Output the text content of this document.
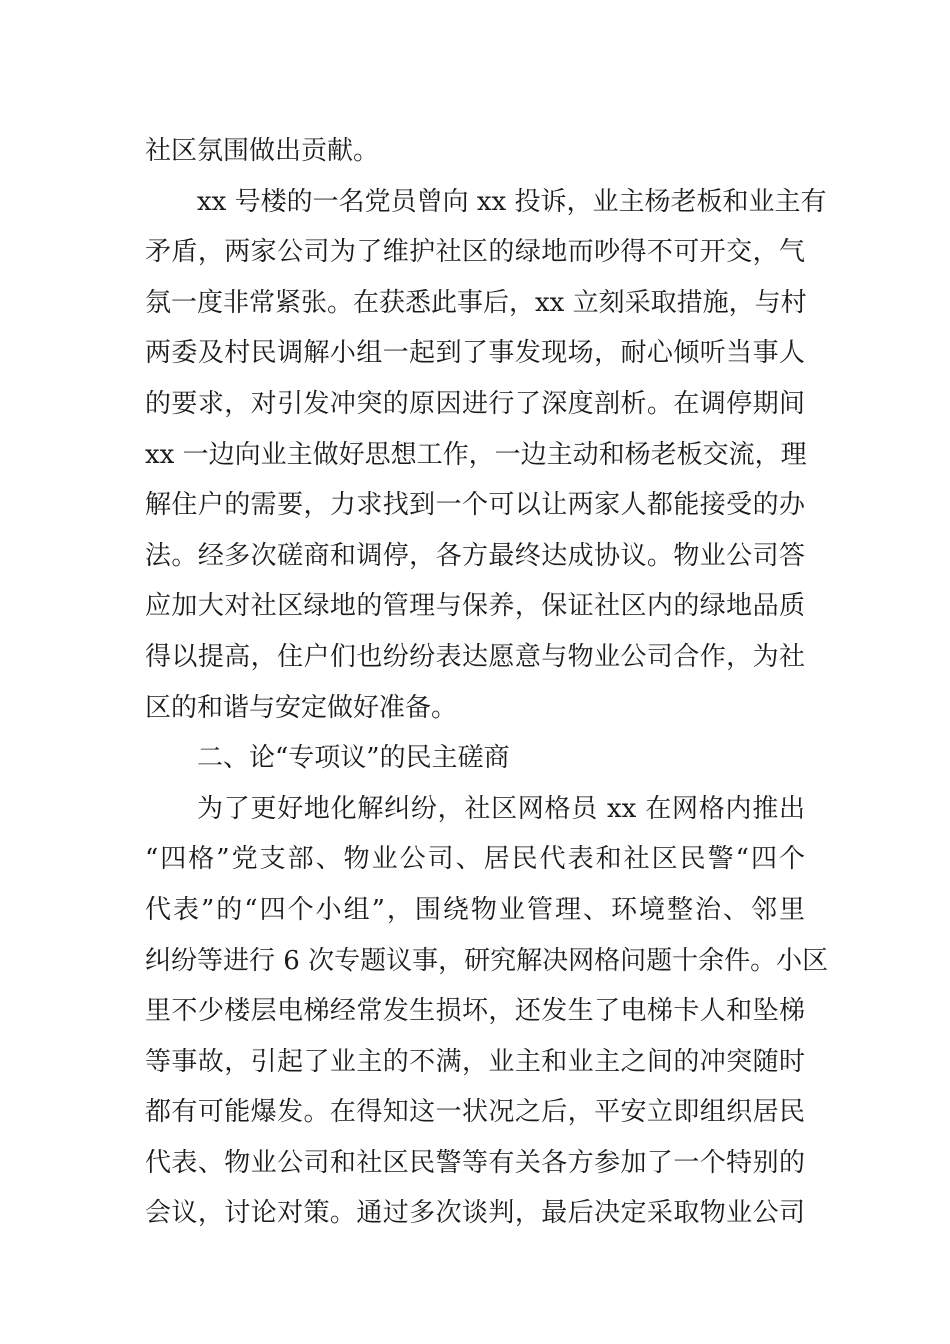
社区氛围做出贡献。
xx 号楼的一名党员曾向 xx 投诉，业主杨老板和业主有
矛盾，两家公司为了维护社区的绿地而吵得不可开交，气
氛一度非常紧张。在获悉此事后，xx 立刻采取措施，与村
两委及村民调解小组一起到了事发现场，耐心倾听当事人
的要求，对引发冲突的原因进行了深度剖析。在调停期间
xx 一边向业主做好思想工作，一边主动和杨老板交流，理
解住户的需要，力求找到一个可以让两家人都能接受的办
法。经多次磋商和调停，各方最终达成协议。物业公司答
应加大对社区绿地的管理与保养，保证社区内的绿地品质
得以提高，住户们也纷纷表达愿意与物业公司合作，为社
区的和谐与安定做好准备。
二、论“专项议”的民主磋商
为了更好地化解纠纷，社区网格员 xx 在网格内推出
“四格”党支部、物业公司、居民代表和社区民警“四个
代表”的“四个小组”，围绕物业管理、环境整治、邻里
纠纷等进行 6 次专题议事，研究解决网格问题十余件。小区
里不少楼层电梯经常发生损坏，还发生了电梯卡人和坠梯
等事故，引起了业主的不满，业主和业主之间的冲突随时
都有可能爆发。在得知这一状况之后，平安立即组织居民
代表、物业公司和社区民警等有关各方参加了一个特别的
会议，讨论对策。通过多次谈判，最后决定采取物业公司
